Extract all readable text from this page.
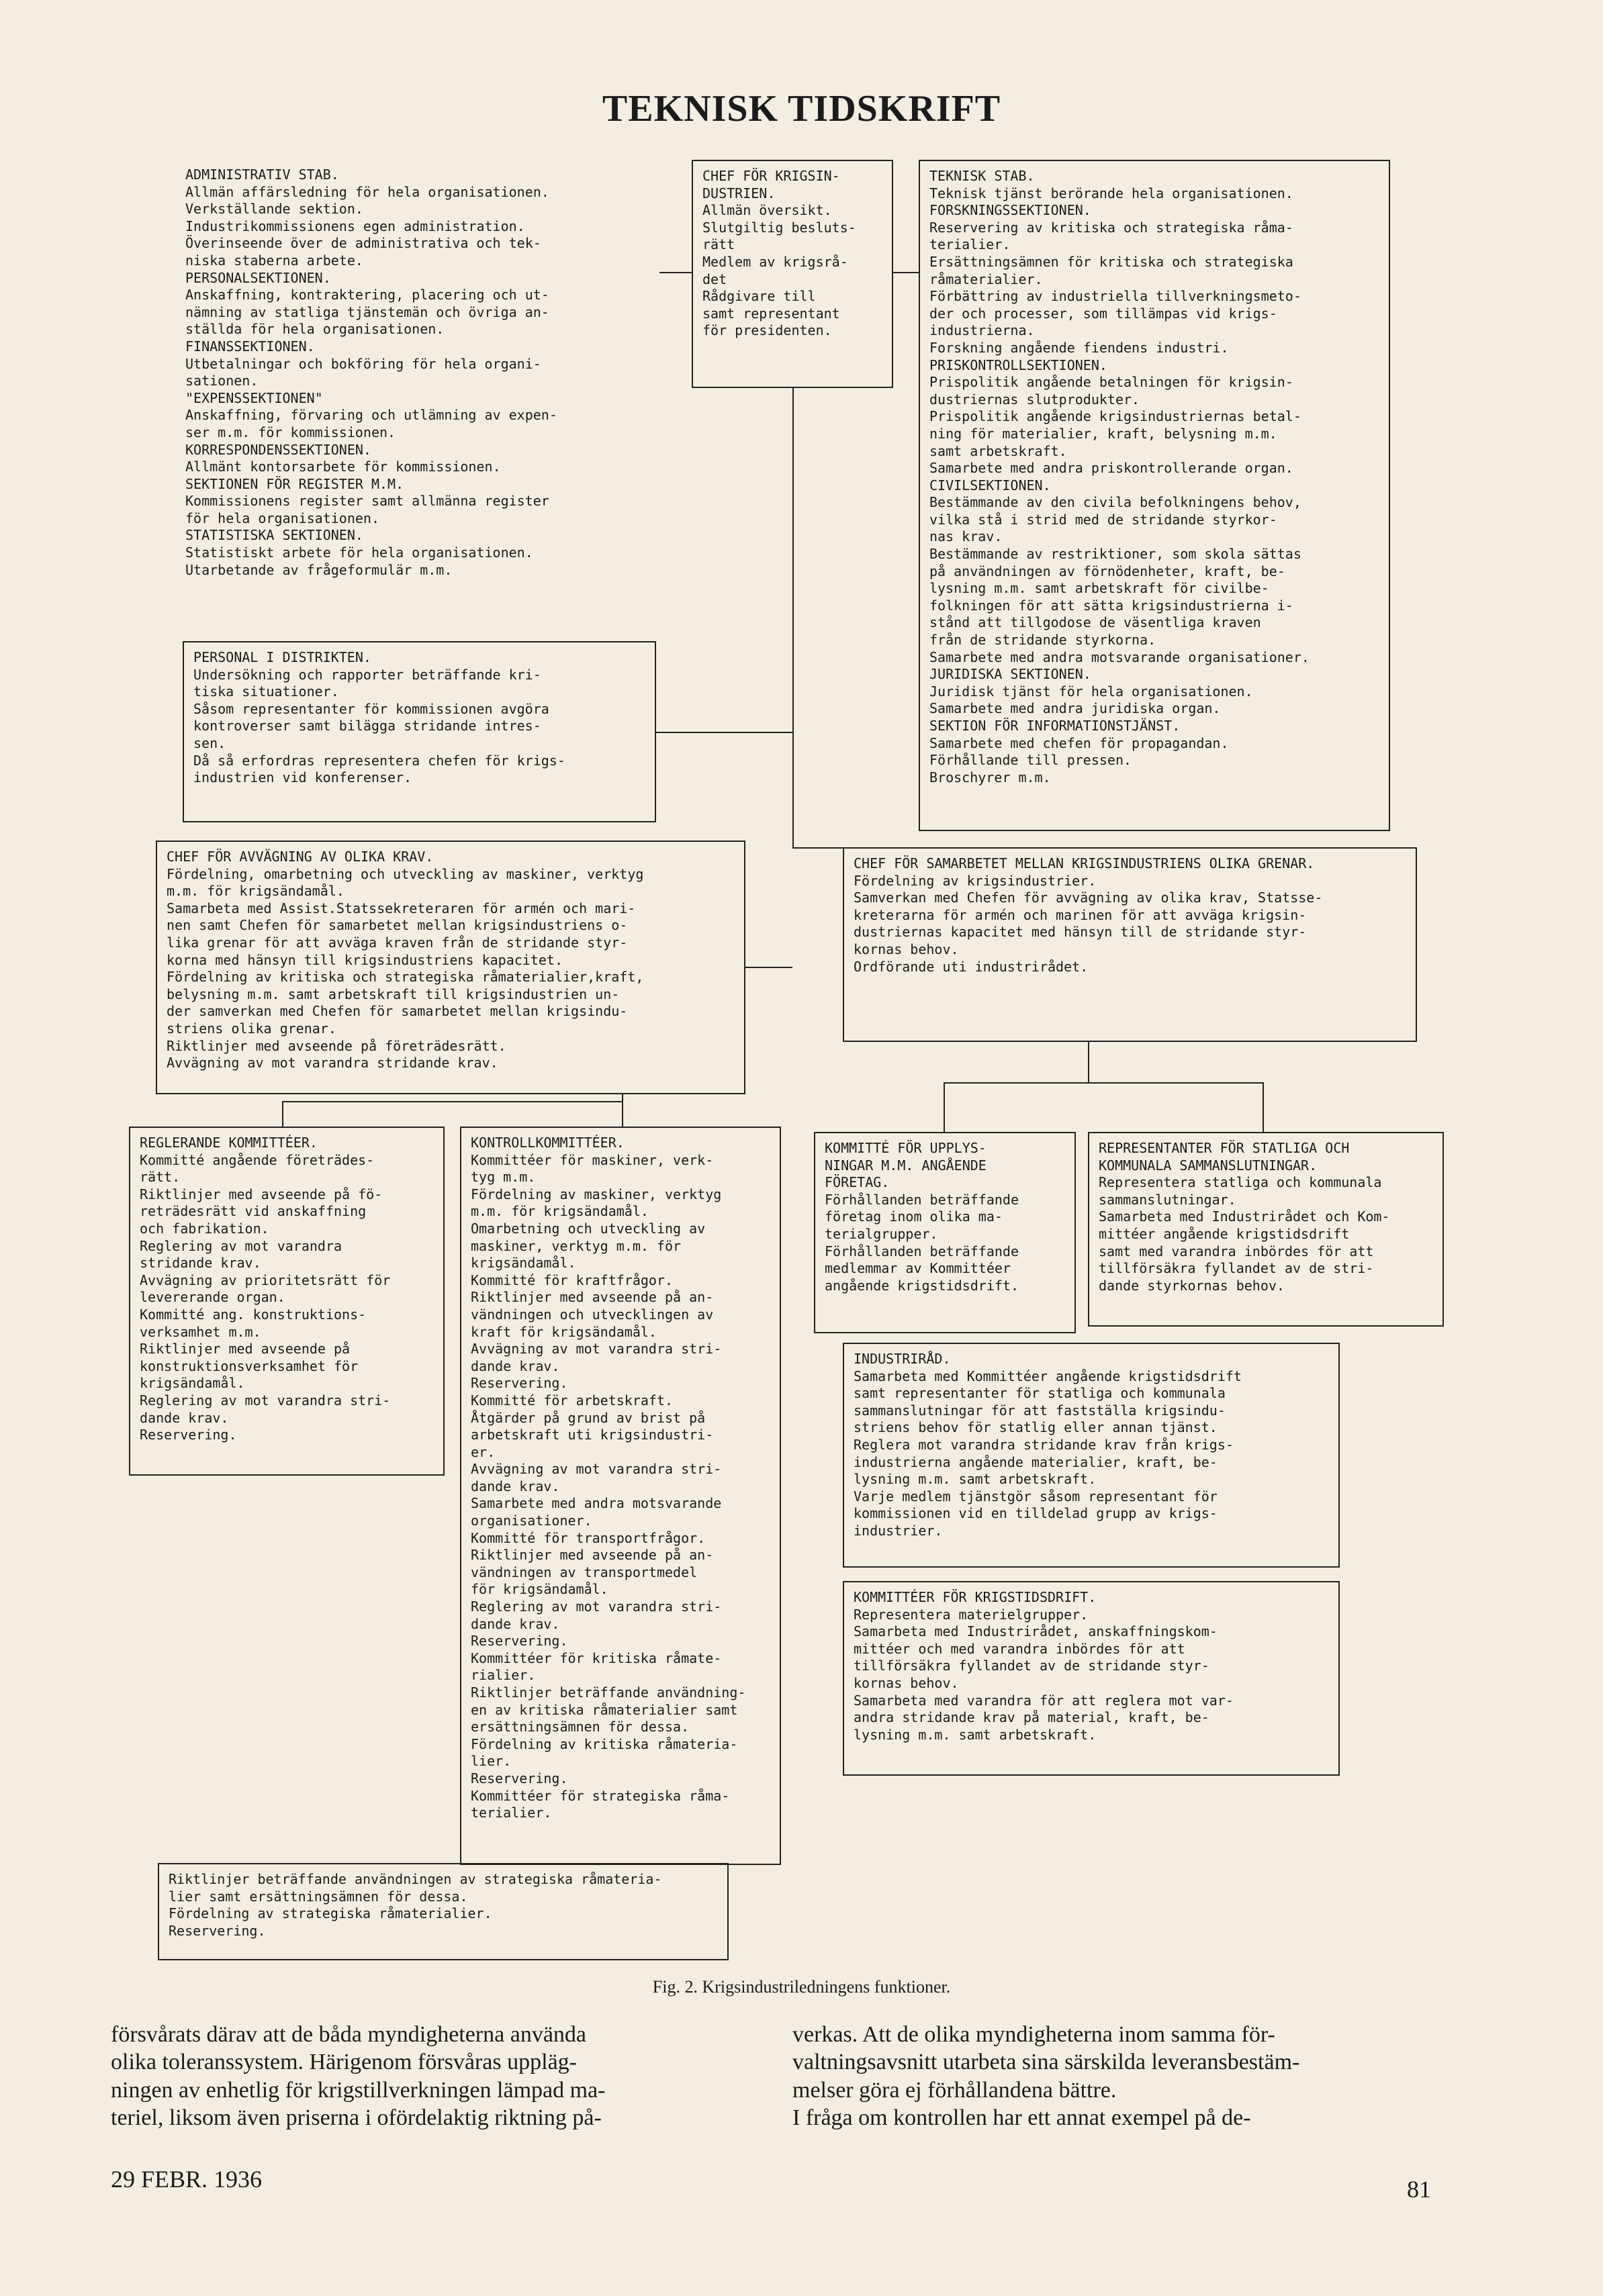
TEKNISK TIDSKRIFT
ADMINISTRATIV STAB.
Allmän affärsledning för hela organisationen.
Verkställande sektion.
Industrikommissionens egen administration.
Överinseende över de administrativa och tek-
niska staberna arbete.
PERSONALSEKTIONEN.
Anskaffning, kontraktering, placering och ut-
nämning av statliga tjänstemän och övriga an-
ställda för hela organisationen.
FINANSSEKTIONEN.
Utbetalningar och bokföring för hela organi-
sationen.
"EXPENSSEKTIONEN"
Anskaffning, förvaring och utlämning av expen-
ser m.m. för kommissionen.
KORRESPONDENSSEKTIONEN.
Allmänt kontorsarbete för kommissionen.
SEKTIONEN FÖR REGISTER M.M.
Kommissionens register samt allmänna register
för hela organisationen.
STATISTISKA SEKTIONEN.
Statistiskt arbete för hela organisationen.
Utarbetande av frågeformulär m.m.
CHEF FÖR KRIGSIN-
DUSTRIEN.
Allmän översikt.
Slutgiltig besluts-
rätt
Medlem av krigsrå-
det
Rådgivare till
samt representant
för presidenten.
TEKNISK STAB.
Teknisk tjänst berörande hela organisationen.
FORSKNINGSSEKTIONEN.
Reservering av kritiska och strategiska råma-
terialier.
Ersättningsämnen för kritiska och strategiska
råmaterialier.
Förbättring av industriella tillverkningsmeto-
der och processer, som tillämpas vid krigs-
industrierna.
Forskning angående fiendens industri.
PRISKONTROLLSEKTIONEN.
Prispolitik angående betalningen för krigsin-
dustriernas slutprodukter.
Prispolitik angående krigsindustriernas betal-
ning för materialier, kraft, belysning m.m.
samt arbetskraft.
Samarbete med andra priskontrollerande organ.
CIVILSEKTIONEN.
Bestämmande av den civila befolkningens behov,
vilka stå i strid med de stridande styrkor-
nas krav.
Bestämmande av restriktioner, som skola sättas
på användningen av förnödenheter, kraft, be-
lysning m.m. samt arbetskraft för civilbe-
folkningen för att sätta krigsindustrierna i-
stånd att tillgodose de väsentliga kraven
från de stridande styrkorna.
Samarbete med andra motsvarande organisationer.
JURIDISKA SEKTIONEN.
Juridisk tjänst för hela organisationen.
Samarbete med andra juridiska organ.
SEKTION FÖR INFORMATIONSTJÄNST.
Samarbete med chefen för propagandan.
Förhållande till pressen.
Broschyrer m.m.
PERSONAL I DISTRIKTEN.
Undersökning och rapporter beträffande kri-
tiska situationer.
Såsom representanter för kommissionen avgöra
kontroverser samt bilägga stridande intres-
sen.
Då så erfordras representera chefen för krigs-
industrien vid konferenser.
CHEF FÖR AVVÄGNING AV OLIKA KRAV.
Fördelning, omarbetning och utveckling av maskiner, verktyg
m.m. för krigsändamål.
Samarbeta med Assist.Statssekreteraren för armén och mari-
nen samt Chefen för samarbetet mellan krigsindustriens o-
lika grenar för att avväga kraven från de stridande styr-
korna med hänsyn till krigsindustriens kapacitet.
Fördelning av kritiska och strategiska råmaterialier,kraft,
belysning m.m. samt arbetskraft till krigsindustrien un-
der samverkan med Chefen för samarbetet mellan krigsindu-
striens olika grenar.
Riktlinjer med avseende på företrädesrätt.
Avvägning av mot varandra stridande krav.
CHEF FÖR SAMARBETET MELLAN KRIGSINDUSTRIENS OLIKA GRENAR.
Fördelning av krigsindustrier.
Samverkan med Chefen för avvägning av olika krav, Statsse-
kreterarna för armén och marinen för att avväga krigsin-
dustriernas kapacitet med hänsyn till de stridande styr-
kornas behov.
Ordförande uti industrirådet.
REGLERANDE KOMMITTÉER.
Kommitté angående företrädes-
rätt.
Riktlinjer med avseende på fö-
reträdesrätt vid anskaffning
och fabrikation.
Reglering av mot varandra
stridande krav.
Avvägning av prioritetsrätt för
levererande organ.
Kommitté ang. konstruktions-
verksamhet m.m.
Riktlinjer med avseende på
konstruktionsverksamhet för
krigsändamål.
Reglering av mot varandra stri-
dande krav.
Reservering.
KONTROLLKOMMITTÉER.
Kommittéer för maskiner, verk-
tyg m.m.
Fördelning av maskiner, verktyg
m.m. för krigsändamål.
Omarbetning och utveckling av
maskiner, verktyg m.m. för
krigsändamål.
Kommitté för kraftfrågor.
Riktlinjer med avseende på an-
vändningen och utvecklingen av
kraft för krigsändamål.
Avvägning av mot varandra stri-
dande krav.
Reservering.
Kommitté för arbetskraft.
Åtgärder på grund av brist på
arbetskraft uti krigsindustri-
er.
Avvägning av mot varandra stri-
dande krav.
Samarbete med andra motsvarande
organisationer.
Kommitté för transportfrågor.
Riktlinjer med avseende på an-
vändningen av transportmedel
för krigsändamål.
Reglering av mot varandra stri-
dande krav.
Reservering.
Kommittéer för kritiska råmate-
rialier.
Riktlinjer beträffande användning-
en av kritiska råmaterialier samt
ersättningsämnen för dessa.
Fördelning av kritiska råmateria-
lier.
Reservering.
Kommittéer för strategiska råma-
terialier.
Riktlinjer beträffande användningen av strategiska råmateria-
lier samt ersättningsämnen för dessa.
Fördelning av strategiska råmaterialier.
Reservering.
KOMMITTÉ FÖR UPPLYS-
NINGAR M.M. ANGÅENDE
FÖRETAG.
Förhållanden beträffande
företag inom olika ma-
terialgrupper.
Förhållanden beträffande
medlemmar av Kommittéer
angående krigstidsdrift.
REPRESENTANTER FÖR STATLIGA OCH
KOMMUNALA SAMMANSLUTNINGAR.
Representera statliga och kommunala
sammanslutningar.
Samarbeta med Industrirådet och Kom-
mittéer angående krigstidsdrift
samt med varandra inbördes för att
tillförsäkra fyllandet av de stri-
dande styrkornas behov.
INDUSTRIRÅD.
Samarbeta med Kommittéer angående krigstidsdrift
samt representanter för statliga och kommunala
sammanslutningar för att fastställa krigsindu-
striens behov för statlig eller annan tjänst.
Reglera mot varandra stridande krav från krigs-
industrierna angående materialier, kraft, be-
lysning m.m. samt arbetskraft.
Varje medlem tjänstgör såsom representant för
kommissionen vid en tilldelad grupp av krigs-
industrier.
KOMMITTÉER FÖR KRIGSTIDSDRIFT.
Representera materielgrupper.
Samarbeta med Industrirådet, anskaffningskom-
mittéer och med varandra inbördes för att
tillförsäkra fyllandet av de stridande styr-
kornas behov.
Samarbeta med varandra för att reglera mot var-
andra stridande krav på material, kraft, be-
lysning m.m. samt arbetskraft.
Fig. 2. Krigsindustriledningens funktioner.
försvårats därav att de båda myndigheterna använda
olika toleranssystem. Härigenom försvåras uppläg-
ningen av enhetlig för krigstillverkningen lämpad ma-
teriel, liksom även priserna i ofördelaktig riktning på-
verkas. Att de olika myndigheterna inom samma för-
valtningsavsnitt utarbeta sina särskilda leveransbestäm-
melser göra ej förhållandena bättre.
I fråga om kontrollen har ett annat exempel på de-
29 FEBR. 1936	81
